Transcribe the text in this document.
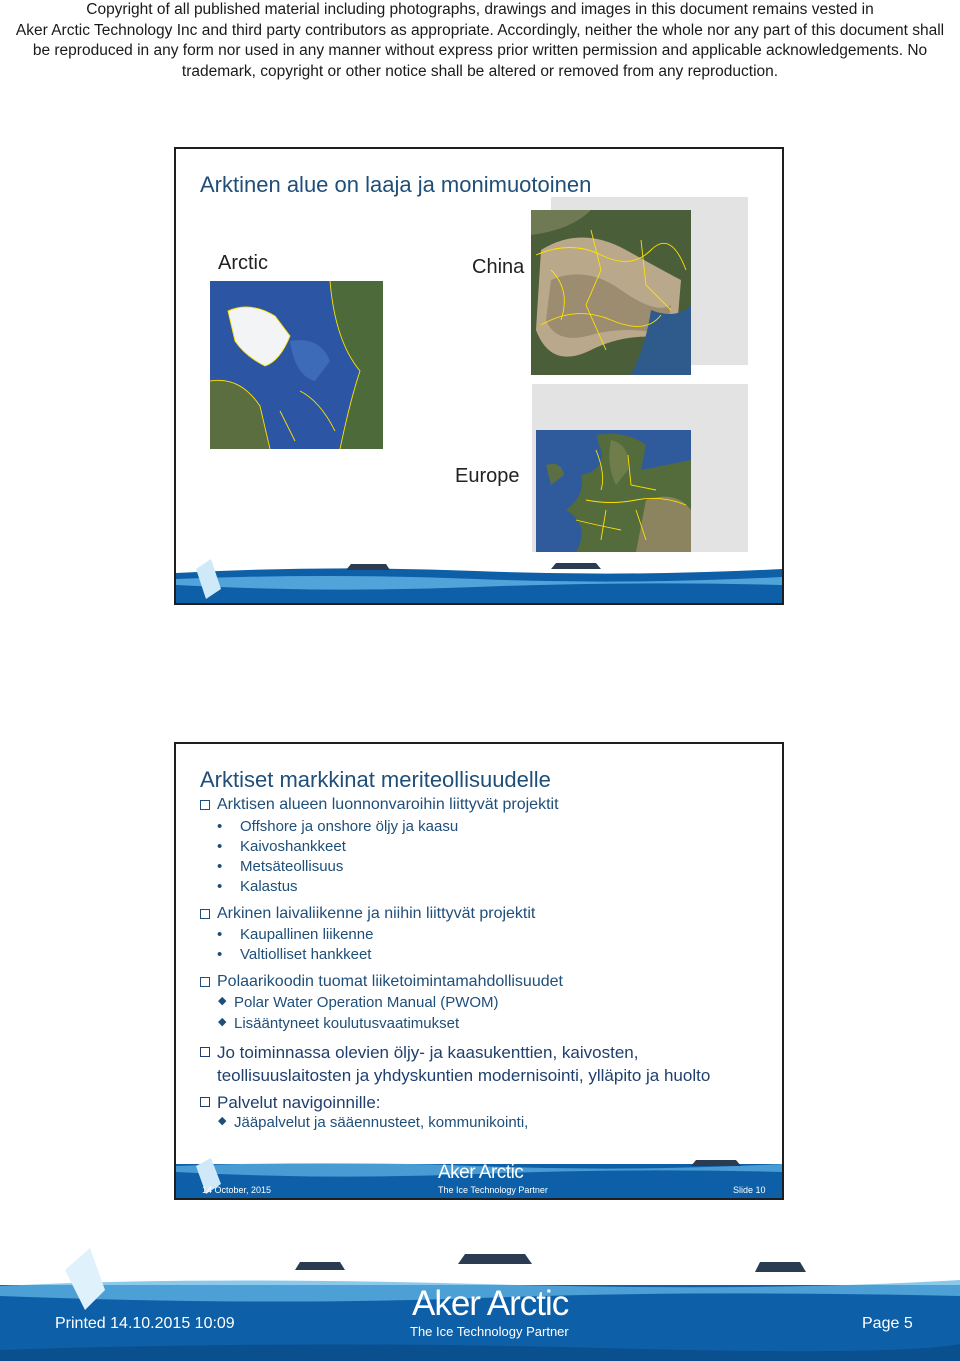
Copyright of all published material including photographs, drawings and images in this document remains vested in
Aker Arctic Technology Inc and third party contributors as appropriate. Accordingly, neither the whole nor any part of this document shall
be reproduced in any form nor used in any manner without express prior written permission and applicable acknowledgements. No
trademark, copyright or other notice shall be altered or removed from any reproduction.
Arktinen alue on laaja ja monimuotoinen
Arctic	China
Europe
Arktiset markkinat meriteollisuudelle
Arktisen alueen luonnonvaroihin liittyvät projektit
• Offshore ja onshore öljy ja kaasu
• Kaivoshankkeet
• Metsäteollisuus
• Kalastus
Arkinen laivaliikenne ja niihin liittyvät projektit
• Kaupallinen liikenne
• Valtiolliset hankkeet
Polaarikoodin tuomat liiketoimintamahdollisuudet
◆ Polar Water Operation Manual (PWOM)
◆ Lisääntyneet koulutusvaatimukset
Jo toiminnassa olevien öljy- ja kaasukenttien, kaivosten,
teollisuuslaitosten ja yhdyskuntien modernisointi, ylläpito ja huolto
Palvelut navigoinnille:
◆ Jääpalvelut ja sääennusteet, kommunikointi,
Aker Arctic
14 October, 2015	The Ice Technology Partner	Slide 10
Aker Arctic
The Ice Technology Partner
Printed 14.10.2015 10:09	Page 5
